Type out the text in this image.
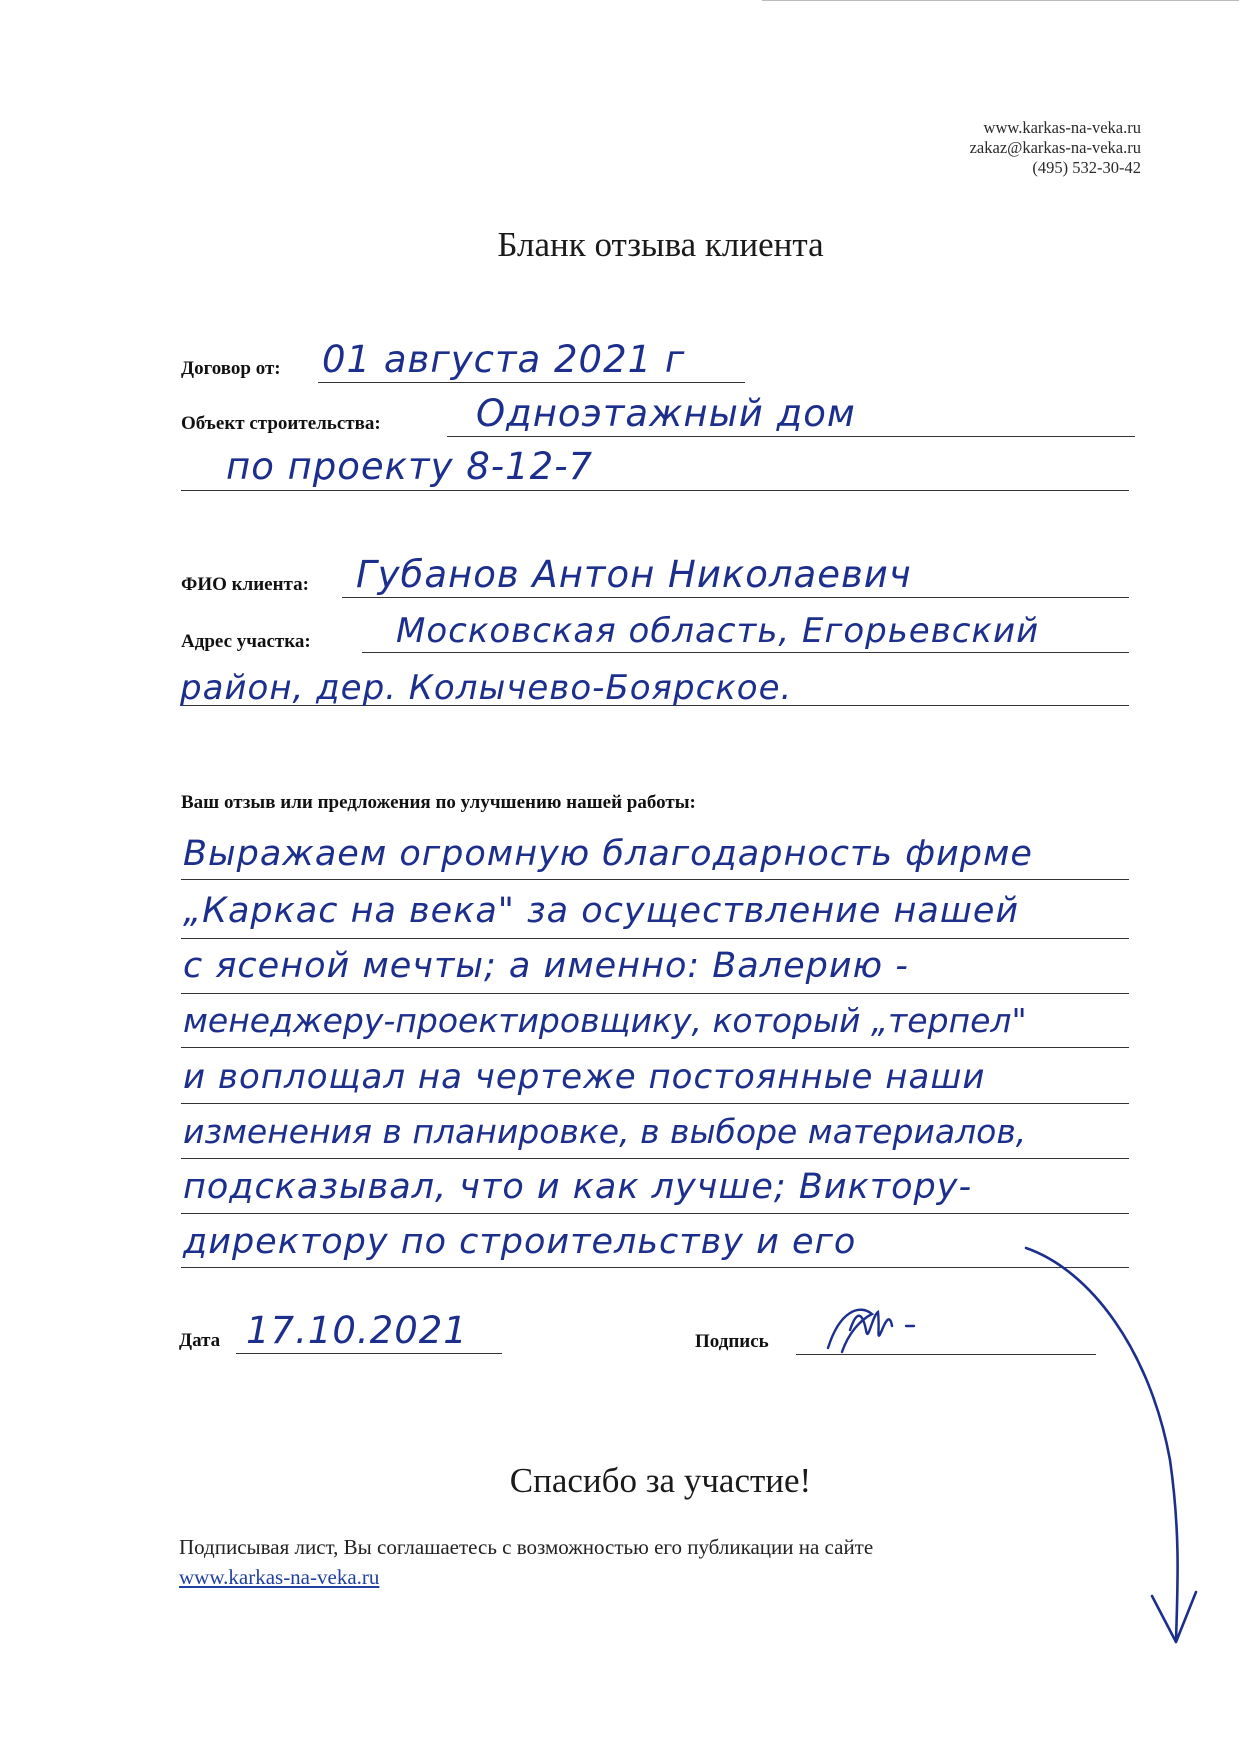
www.karkas-na-veka.ru
zakaz@karkas-na-veka.ru
(495) 532-30-42
Бланк отзыва клиента
Договор от: 01 августа 2021 г
Объект строительства:	Одноэтажный дом
по проекту 8-12-7
ФИО клиента: Губанов Антон Николаевич
Адрес участка:	Московская область, Егорьевский
район, дер. Колычево-Боярское.
Ваш отзыв или предложения по улучшению нашей работы:
Выражаем огромную благодарность фирме
„Каркас на века" за осуществление нашей
с ясеной мечты; а именно: Валерию -
менеджеру-проектировщику, который „терпел"
и воплощал на чертеже постоянные наши
изменения в планировке, в выборе материалов,
подсказывал, что и как лучше; Виктору-
директору по строительству и его
Дата 17.10.2021	Подпись
Спасибо за участие!
Подписывая лист, Вы соглашаетесь с возможностью его публикации на сайте
www.karkas-na-veka.ru
